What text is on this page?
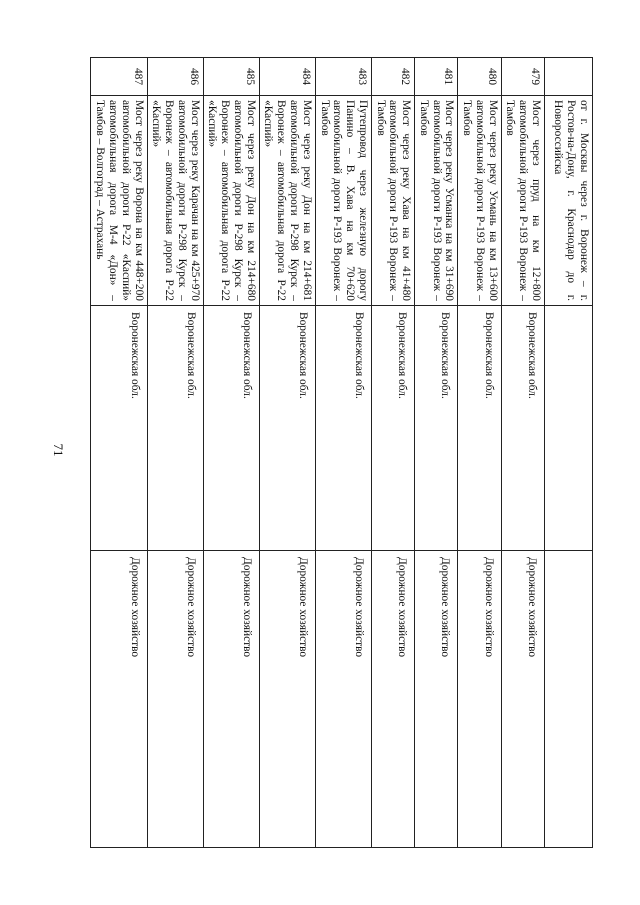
71
	от г. Москвы через г. Воронеж – г. Ростов-на-Дону, г. Краснодар до г. Новороссийска		
479	Мост через пруд на км 12+800 автомобильной дороги Р-193 Воронеж – Тамбов	Воронежская обл.	Дорожное хозяйство
480	Мост через реку Усмань на км 13+600 автомобильной дороги Р-193 Воронеж – Тамбов	Воронежская обл.	Дорожное хозяйство
481	Мост через реку Усманка на км 31+690 автомобильной дороги Р-193 Воронеж – Тамбов	Воронежская обл.	Дорожное хозяйство
482	Мост через реку Хава на км 41+480 автомобильной дороги Р-193 Воронеж – Тамбов	Воронежская обл.	Дорожное хозяйство
483	Путепровод через железную дорогу Панино – В. Хава на км 70+620 автомобильной дороги Р-193 Воронеж – Тамбов	Воронежская обл.	Дорожное хозяйство
484	Мост через реку Дон на км 214+681 автомобильной дороги Р-298 Курск – Воронеж – автомобильная дорога Р-22 «Каспий»	Воронежская обл.	Дорожное хозяйство
485	Мост через реку Дон на км 214+680 автомобильной дороги Р-298 Курск – Воронеж – автомобильная дорога Р-22 «Каспий»	Воронежская обл.	Дорожное хозяйство
486	Мост через реку Карачан на км 425+970 автомобильной дороги Р-298 Курск – Воронеж – автомобильная дорога Р-22 «Каспий»	Воронежская обл.	Дорожное хозяйство
487	Мост через реку Ворона на км 448+200 автомобильной дороги Р-22 «Каспий» автомобильная дорога М-4 «Дон» – Тамбов – Волгоград – Астрахань	Воронежская обл.	Дорожное хозяйство
